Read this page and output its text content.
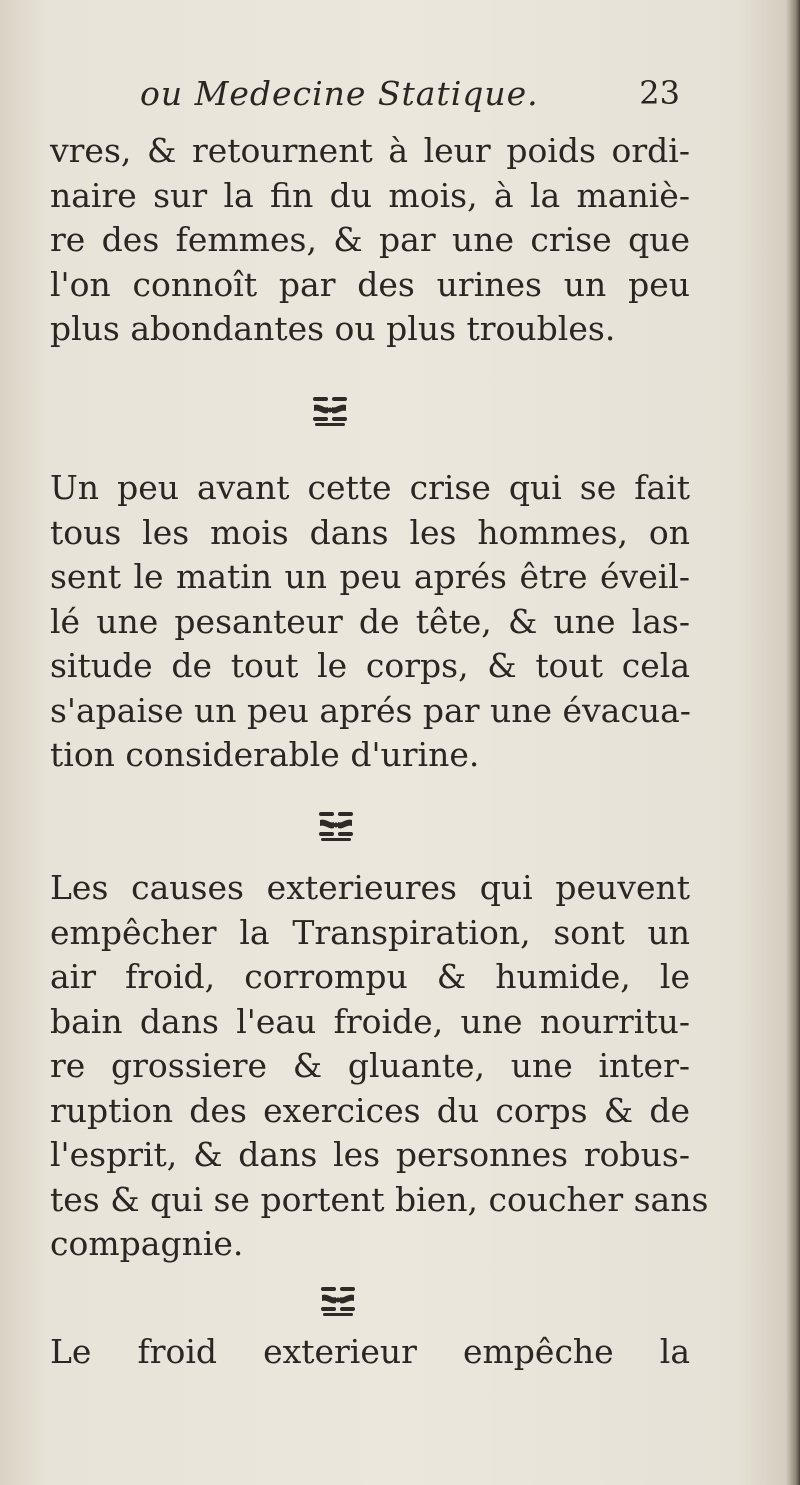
ou Medecine Statique.	23
vres, & retournent à leur poids ordi-
naire sur la fin du mois, à la maniè-
re des femmes, & par une crise que
l'on connoît par des urines un peu
plus abondantes ou plus troubles.
Un peu avant cette crise qui se fait
tous les mois dans les hommes, on
sent le matin un peu aprés être éveil-
lé une pesanteur de tête, & une las-
situde de tout le corps, & tout cela
s'apaise un peu aprés par une évacua-
tion considerable d'urine.
Les causes exterieures qui peuvent
empêcher la Transpiration, sont un
air froid, corrompu & humide, le
bain dans l'eau froide, une nourritu-
re grossiere & gluante, une inter-
ruption des exercices du corps & de
l'esprit, & dans les personnes robus-
tes & qui se portent bien, coucher sans
compagnie.
Le froid exterieur empêche la
